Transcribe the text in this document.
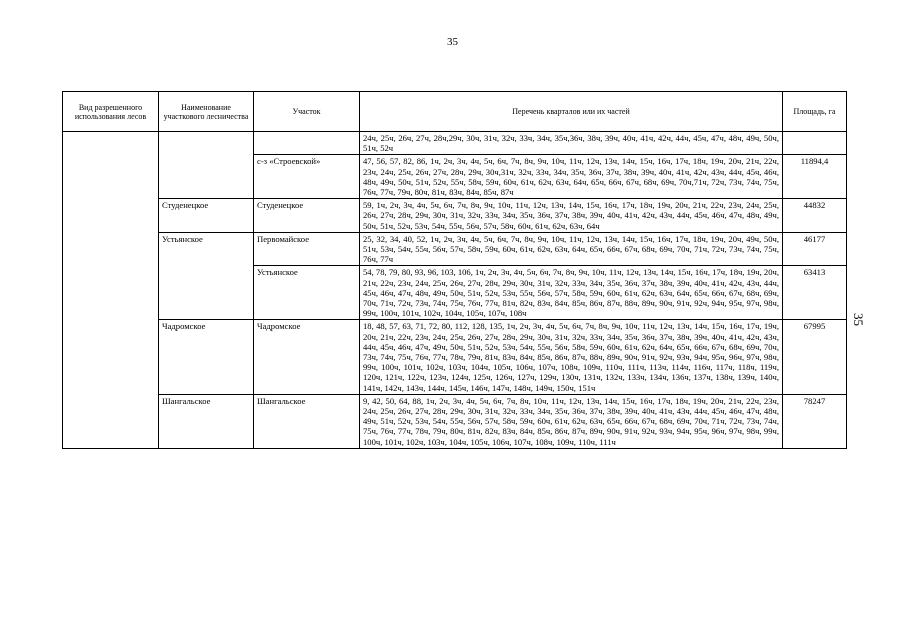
35
35
Вид разрешенного использования лесов	Наименование участкового лесничества	Участок	Перечень кварталов или их частей	Площадь, га
			24ч, 25ч, 26ч, 27ч, 28ч,29ч, 30ч, 31ч, 32ч, 33ч, 34ч, 35ч,36ч, 38ч, 39ч, 40ч, 41ч, 42ч, 44ч, 45ч, 47ч, 48ч, 49ч, 50ч, 51ч, 52ч	
		с-з «Строевской»	47, 56, 57, 82, 86, 1ч, 2ч, 3ч, 4ч, 5ч, 6ч, 7ч, 8ч, 9ч, 10ч, 11ч, 12ч, 13ч, 14ч, 15ч, 16ч, 17ч, 18ч, 19ч, 20ч, 21ч, 22ч, 23ч, 24ч, 25ч, 26ч, 27ч, 28ч, 29ч, 30ч,31ч, 32ч, 33ч, 34ч, 35ч, 36ч, 37ч, 38ч, 39ч, 40ч, 41ч, 42ч, 43ч, 44ч, 45ч, 46ч, 48ч, 49ч, 50ч, 51ч, 52ч, 55ч, 58ч, 59ч, 60ч, 61ч, 62ч, 63ч, 64ч, 65ч, 66ч, 67ч, 68ч, 69ч, 70ч,71ч, 72ч, 73ч, 74ч, 75ч, 76ч, 77ч, 79ч, 80ч, 81ч, 83ч, 84ч, 85ч, 87ч	11894,4
	Студенецкое	Студенецкое	59, 1ч, 2ч, 3ч, 4ч, 5ч, 6ч, 7ч, 8ч, 9ч, 10ч, 11ч, 12ч, 13ч, 14ч, 15ч, 16ч, 17ч, 18ч, 19ч, 20ч, 21ч, 22ч, 23ч, 24ч, 25ч, 26ч, 27ч, 28ч, 29ч, 30ч, 31ч, 32ч, 33ч, 34ч, 35ч, 36ч, 37ч, 38ч, 39ч, 40ч, 41ч, 42ч, 43ч, 44ч, 45ч, 46ч, 47ч, 48ч, 49ч, 50ч, 51ч, 52ч, 53ч, 54ч, 55ч, 56ч, 57ч, 58ч, 60ч, 61ч, 62ч, 63ч, 64ч	44832
	Устьянское	Первомайское	25, 32, 34, 40, 52, 1ч, 2ч, 3ч, 4ч, 5ч, 6ч, 7ч, 8ч, 9ч, 10ч, 11ч, 12ч, 13ч, 14ч, 15ч, 16ч, 17ч, 18ч, 19ч, 20ч, 49ч, 50ч, 51ч, 53ч, 54ч, 55ч, 56ч, 57ч, 58ч, 59ч, 60ч, 61ч, 62ч, 63ч, 64ч, 65ч, 66ч, 67ч, 68ч, 69ч, 70ч, 71ч, 72ч, 73ч, 74ч, 75ч, 76ч, 77ч	46177
		Устьянское	54, 78, 79, 80, 93, 96, 103, 106, 1ч, 2ч, 3ч, 4ч, 5ч, 6ч, 7ч, 8ч, 9ч, 10ч, 11ч, 12ч, 13ч, 14ч, 15ч, 16ч, 17ч, 18ч, 19ч, 20ч, 21ч, 22ч, 23ч, 24ч, 25ч, 26ч, 27ч, 28ч, 29ч, 30ч, 31ч, 32ч, 33ч, 34ч, 35ч, 36ч, 37ч, 38ч, 39ч, 40ч, 41ч, 42ч, 43ч, 44ч, 45ч, 46ч, 47ч, 48ч, 49ч, 50ч, 51ч, 52ч, 53ч, 55ч, 56ч, 57ч, 58ч, 59ч, 60ч, 61ч, 62ч, 63ч, 64ч, 65ч, 66ч, 67ч, 68ч, 69ч, 70ч, 71ч, 72ч, 73ч, 74ч, 75ч, 76ч, 77ч, 81ч, 82ч, 83ч, 84ч, 85ч, 86ч, 87ч, 88ч, 89ч, 90ч, 91ч, 92ч, 94ч, 95ч, 97ч, 98ч, 99ч, 100ч, 101ч, 102ч, 104ч, 105ч, 107ч, 108ч	63413
	Чадромское	Чадромское	18, 48, 57, 63, 71, 72, 80, 112, 128, 135, 1ч, 2ч, 3ч, 4ч, 5ч, 6ч, 7ч, 8ч, 9ч, 10ч, 11ч, 12ч, 13ч, 14ч, 15ч, 16ч, 17ч, 19ч, 20ч, 21ч, 22ч, 23ч, 24ч, 25ч, 26ч, 27ч, 28ч, 29ч, 30ч, 31ч, 32ч, 33ч, 34ч, 35ч, 36ч, 37ч, 38ч, 39ч, 40ч, 41ч, 42ч, 43ч, 44ч, 45ч, 46ч, 47ч, 49ч, 50ч, 51ч, 52ч, 53ч, 54ч, 55ч, 56ч, 58ч, 59ч, 60ч, 61ч, 62ч, 64ч, 65ч, 66ч, 67ч, 68ч, 69ч, 70ч, 73ч, 74ч, 75ч, 76ч, 77ч, 78ч, 79ч, 81ч, 83ч, 84ч, 85ч, 86ч, 87ч, 88ч, 89ч, 90ч, 91ч, 92ч, 93ч, 94ч, 95ч, 96ч, 97ч, 98ч, 99ч, 100ч, 101ч, 102ч, 103ч, 104ч, 105ч, 106ч, 107ч, 108ч, 109ч, 110ч, 111ч, 113ч, 114ч, 116ч, 117ч, 118ч, 119ч, 120ч, 121ч, 122ч, 123ч, 124ч, 125ч, 126ч, 127ч, 129ч, 130ч, 131ч, 132ч, 133ч, 134ч, 136ч, 137ч, 138ч, 139ч, 140ч, 141ч, 142ч, 143ч, 144ч, 145ч, 146ч, 147ч, 148ч, 149ч, 150ч, 151ч	67995
	Шангальское	Шангальское	9, 42, 50, 64, 88, 1ч, 2ч, 3ч, 4ч, 5ч, 6ч, 7ч, 8ч, 10ч, 11ч, 12ч, 13ч, 14ч, 15ч, 16ч, 17ч, 18ч, 19ч, 20ч, 21ч, 22ч, 23ч, 24ч, 25ч, 26ч, 27ч, 28ч, 29ч, 30ч, 31ч, 32ч, 33ч, 34ч, 35ч, 36ч, 37ч, 38ч, 39ч, 40ч, 41ч, 43ч, 44ч, 45ч, 46ч, 47ч, 48ч, 49ч, 51ч, 52ч, 53ч, 54ч, 55ч, 56ч, 57ч, 58ч, 59ч, 60ч, 61ч, 62ч, 63ч, 65ч, 66ч, 67ч, 68ч, 69ч, 70ч, 71ч, 72ч, 73ч, 74ч, 75ч, 76ч, 77ч, 78ч, 79ч, 80ч, 81ч, 82ч, 83ч, 84ч, 85ч, 86ч, 87ч, 89ч, 90ч, 91ч, 92ч, 93ч, 94ч, 95ч, 96ч, 97ч, 98ч, 99ч, 100ч, 101ч, 102ч, 103ч, 104ч, 105ч, 106ч, 107ч, 108ч, 109ч, 110ч, 111ч	78247
